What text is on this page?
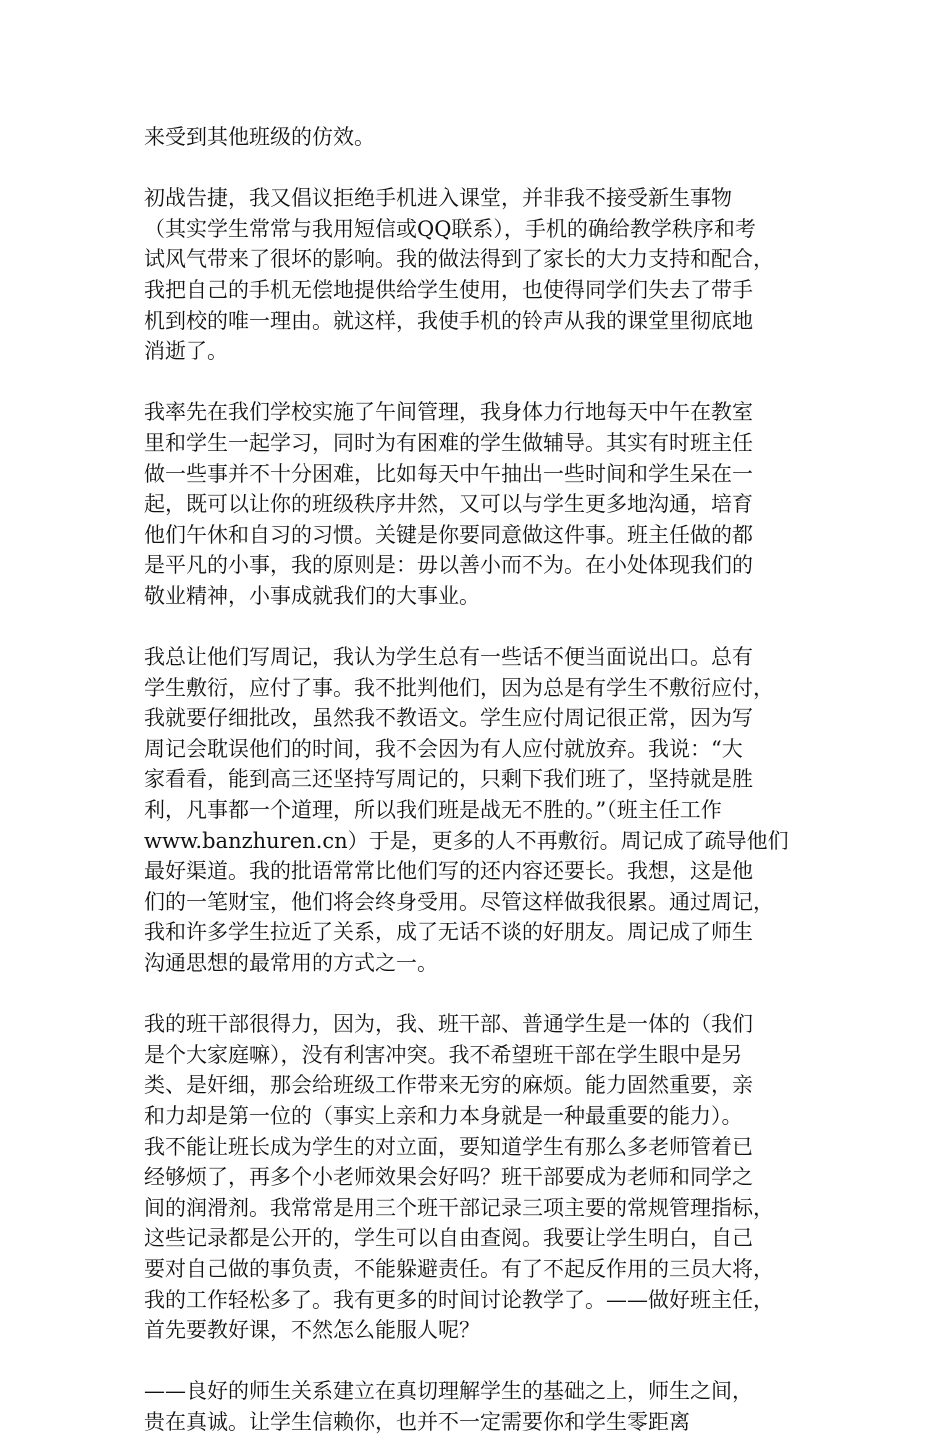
来受到其他班级的仿效。

初战告捷，我又倡议拒绝手机进入课堂，并非我不接受新生事物
（其实学生常常与我用短信或QQ联系），手机的确给教学秩序和考
试风气带来了很坏的影响。我的做法得到了家长的大力支持和配合，
我把自己的手机无偿地提供给学生使用，也使得同学们失去了带手
机到校的唯一理由。就这样，我使手机的铃声从我的课堂里彻底地
消逝了。

我率先在我们学校实施了午间管理，我身体力行地每天中午在教室
里和学生一起学习，同时为有困难的学生做辅导。其实有时班主任
做一些事并不十分困难，比如每天中午抽出一些时间和学生呆在一
起，既可以让你的班级秩序井然，又可以与学生更多地沟通，培育
他们午休和自习的习惯。关键是你要同意做这件事。班主任做的都
是平凡的小事，我的原则是：毋以善小而不为。在小处体现我们的
敬业精神，小事成就我们的大事业。

我总让他们写周记，我认为学生总有一些话不便当面说出口。总有
学生敷衍，应付了事。我不批判他们，因为总是有学生不敷衍应付，
我就要仔细批改，虽然我不教语文。学生应付周记很正常，因为写
周记会耽误他们的时间，我不会因为有人应付就放弃。我说：“大
家看看，能到高三还坚持写周记的，只剩下我们班了，坚持就是胜
利，凡事都一个道理，所以我们班是战无不胜的。”（班主任工作
www.banzhuren.cn）于是，更多的人不再敷衍。周记成了疏导他们
最好渠道。我的批语常常比他们写的还内容还要长。我想，这是他
们的一笔财宝，他们将会终身受用。尽管这样做我很累。通过周记，
我和许多学生拉近了关系，成了无话不谈的好朋友。周记成了师生
沟通思想的最常用的方式之一。

我的班干部很得力，因为，我、班干部、普通学生是一体的（我们
是个大家庭嘛），没有利害冲突。我不希望班干部在学生眼中是另
类、是奸细，那会给班级工作带来无穷的麻烦。能力固然重要，亲
和力却是第一位的（事实上亲和力本身就是一种最重要的能力）。
我不能让班长成为学生的对立面，要知道学生有那么多老师管着已
经够烦了，再多个小老师效果会好吗？班干部要成为老师和同学之
间的润滑剂。我常常是用三个班干部记录三项主要的常规管理指标，
这些记录都是公开的，学生可以自由查阅。我要让学生明白，自己
要对自己做的事负责，不能躲避责任。有了不起反作用的三员大将，
我的工作轻松多了。我有更多的时间讨论教学了。——做好班主任，
首先要教好课，不然怎么能服人呢？

——良好的师生关系建立在真切理解学生的基础之上，师生之间，
贵在真诚。让学生信赖你，也并不一定需要你和学生零距离
